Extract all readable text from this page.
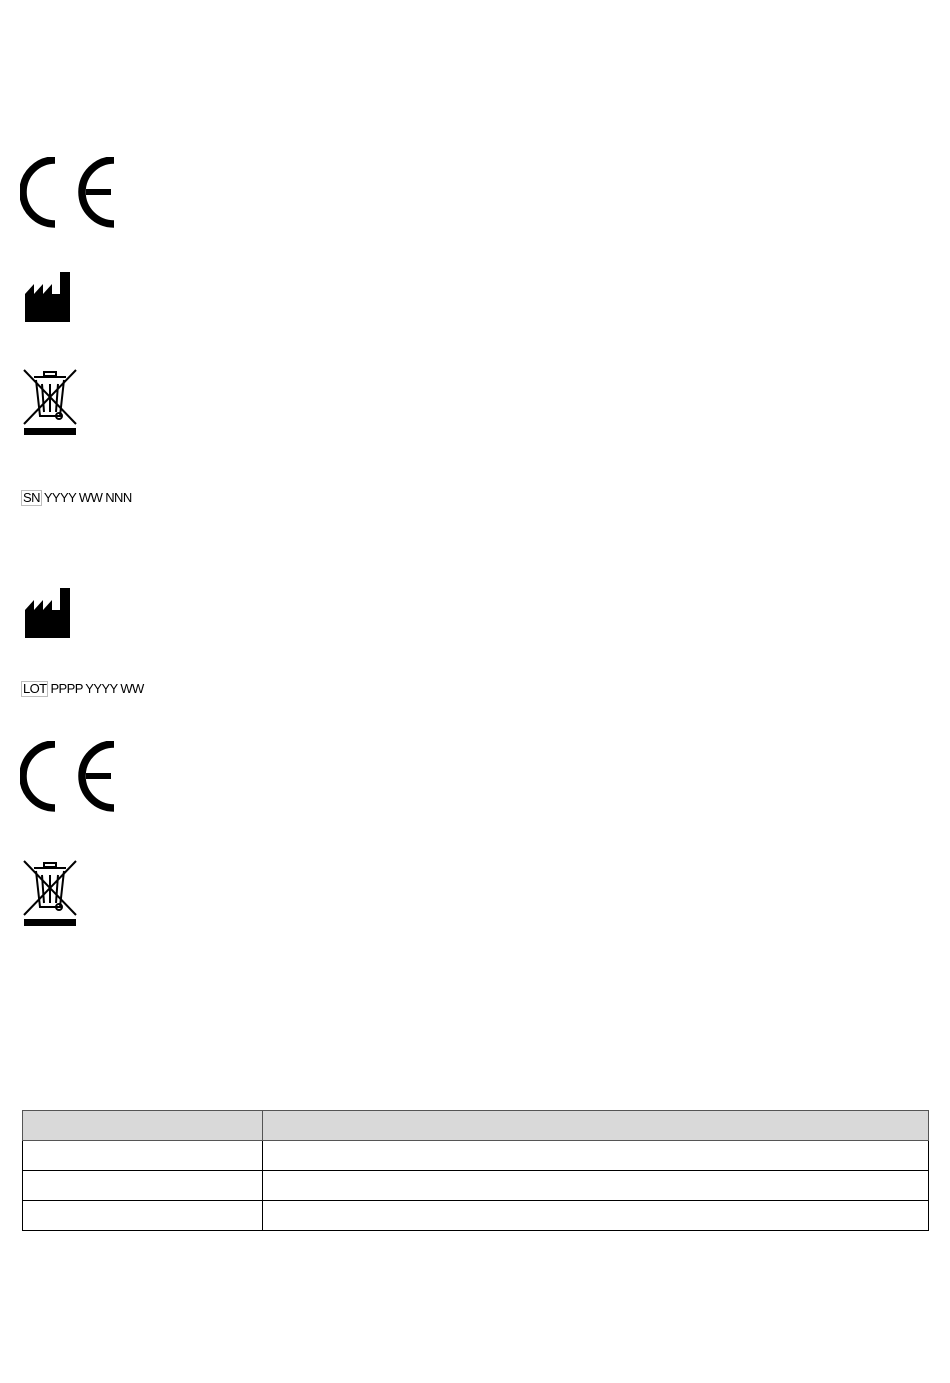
SN YYYY WW NNN
LOT PPPP YYYY WW
